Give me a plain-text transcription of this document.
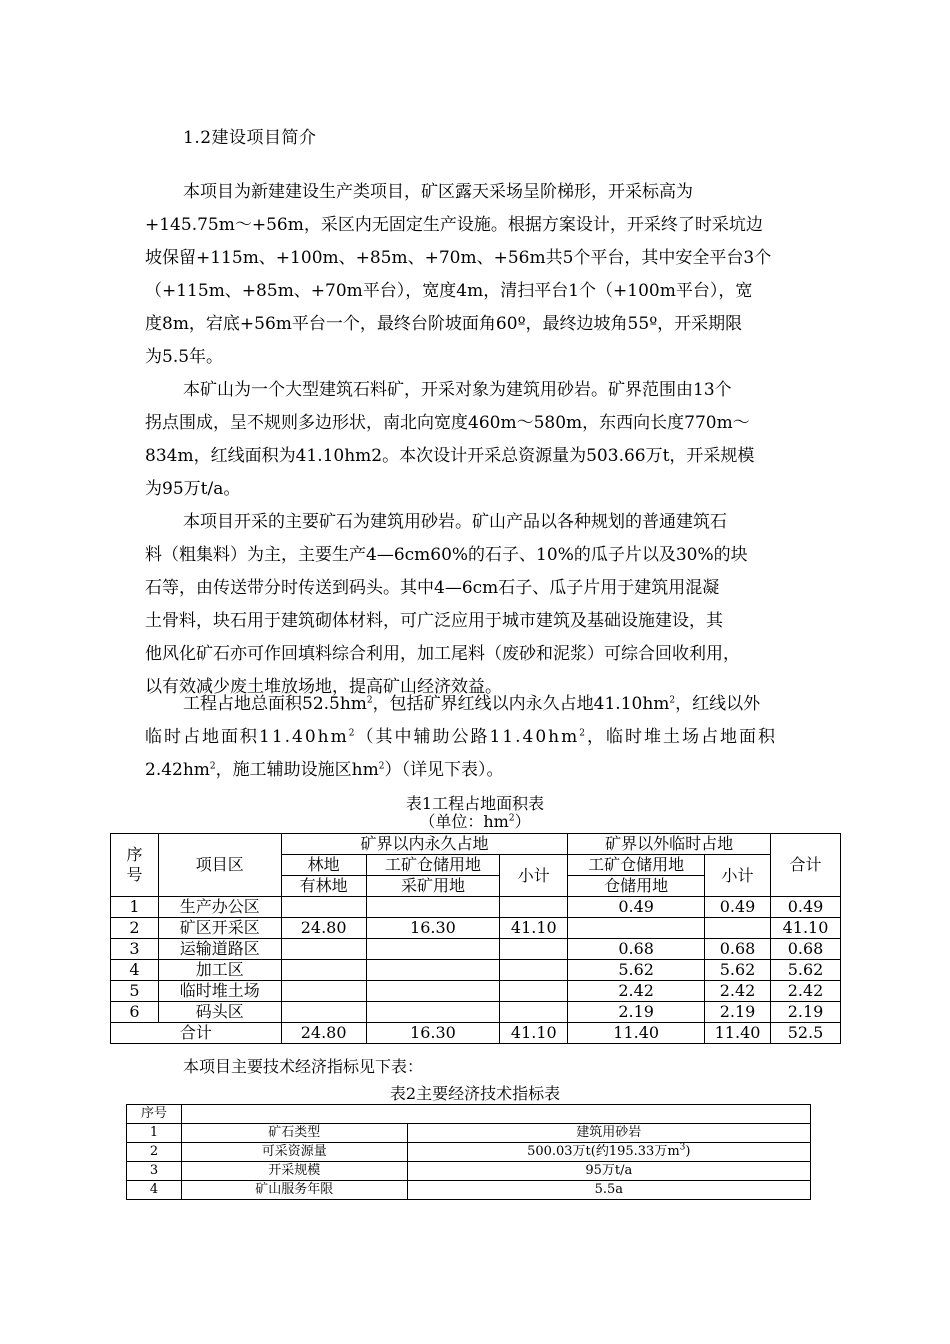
1.2建设项目简介

本项目为新建建设生产类项目，矿区露天采场呈阶梯形，开采标高为
+145.75m～+56m，采区内无固定生产设施。根据方案设计，开采终了时采坑边
坡保留+115m、+100m、+85m、+70m、+56m共5个平台，其中安全平台3个
（+115m、+85m、+70m平台），宽度4m，清扫平台1个（+100m平台），宽
度8m，宕底+56m平台一个，最终台阶坡面角60º，最终边坡角55º，开采期限
为5.5年。

本矿山为一个大型建筑石料矿，开采对象为建筑用砂岩。矿界范围由13个
拐点围成，呈不规则多边形状，南北向宽度460m～580m，东西向长度770m～
834m，红线面积为41.10hm2。本次设计开采总资源量为503.66万t，开采规模
为95万t/a。

本项目开采的主要矿石为建筑用砂岩。矿山产品以各种规划的普通建筑石
料（粗集料）为主，主要生产4—6cm60%的石子、10%的瓜子片以及30%的块
石等，由传送带分时传送到码头。其中4—6cm石子、瓜子片用于建筑用混凝
土骨料，块石用于建筑砌体材料，可广泛应用于城市建筑及基础设施建设，其
他风化矿石亦可作回填料综合利用，加工尾料（废砂和泥浆）可综合回收利用，
以有效减少废土堆放场地，提高矿山经济效益。

工程占地总面积$52.5hm^2$，包括矿界红线以内永久占地$41.10hm^2$，红线以外
临时占地面积$11.40hm^2$（其中辅助公路$11.40hm^2$，临时堆土场占地面积
$2.42hm^2$，施工辅助设施区$hm^2$）（详见下表）。

表1工程占地面积表
（单位：$hm^2$）
序号	项目区	矿界以内永久占地			矿界以外临时占地		合计
		林地	工矿仓储用地	小计	工矿仓储用地	小计	
		有林地	采矿用地		仓储用地		
1	生产办公区				0.49	0.49	0.49
2	矿区开采区	24.80	16.30	41.10			41.10
3	运输道路区				0.68	0.68	0.68
4	加工区				5.62	5.62	5.62
5	临时堆土场				2.42	2.42	2.42
6	码头区				2.19	2.19	2.19
合计		24.80	16.30	41.10	11.40	11.40	52.5
本项目主要技术经济指标见下表：
表2主要经济技术指标表
序号		
1	矿石类型	建筑用砂岩
2	可采资源量	500.03万t(约195.33万$m^3$)
3	开采规模	95万t/a
4	矿山服务年限	5.5a
